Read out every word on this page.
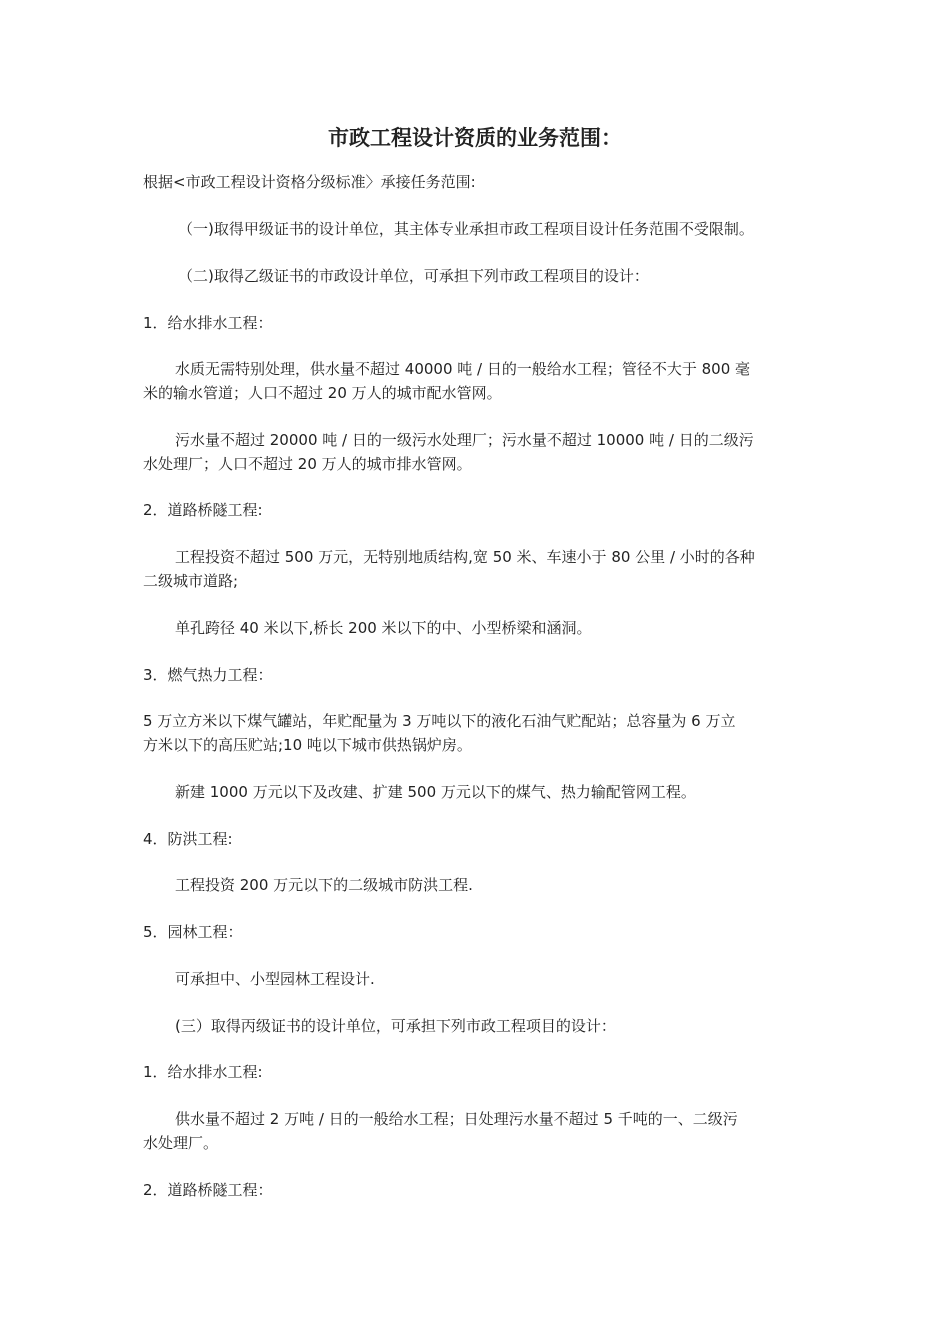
市政工程设计资质的业务范围：

根据<市政工程设计资格分级标准〉承接任务范围:

（一)取得甲级证书的设计单位，其主体专业承担市政工程项目设计任务范围不受限制。

（二)取得乙级证书的市政设计单位，可承担下列市政工程项目的设计：

1．给水排水工程：

水质无需特别处理，供水量不超过 40000 吨 / 日的一般给水工程；管径不大于 800 毫

米的输水管道；人口不超过 20 万人的城市配水管网。

污水量不超过 20000 吨 / 日的一级污水处理厂；污水量不超过 10000 吨 / 日的二级污

水处理厂；人口不超过 20 万人的城市排水管网。

2．道路桥隧工程:

工程投资不超过 500 万元，无特别地质结构,宽 50 米、车速小于 80 公里 / 小时的各种

二级城市道路;

单孔跨径 40 米以下,桥长 200 米以下的中、小型桥梁和涵洞。

3．燃气热力工程：

5 万立方米以下煤气罐站，年贮配量为 3 万吨以下的液化石油气贮配站；总容量为 6 万立

方米以下的高压贮站;10 吨以下城市供热锅炉房。

新建 1000 万元以下及改建、扩建 500 万元以下的煤气、热力输配管网工程。

4．防洪工程:

工程投资 200 万元以下的二级城市防洪工程.

5．园林工程：

可承担中、小型园林工程设计.

(三）取得丙级证书的设计单位，可承担下列市政工程项目的设计：

1．给水排水工程:

供水量不超过 2 万吨 / 日的一般给水工程；日处理污水量不超过 5 千吨的一、二级污

水处理厂。

2．道路桥隧工程：
